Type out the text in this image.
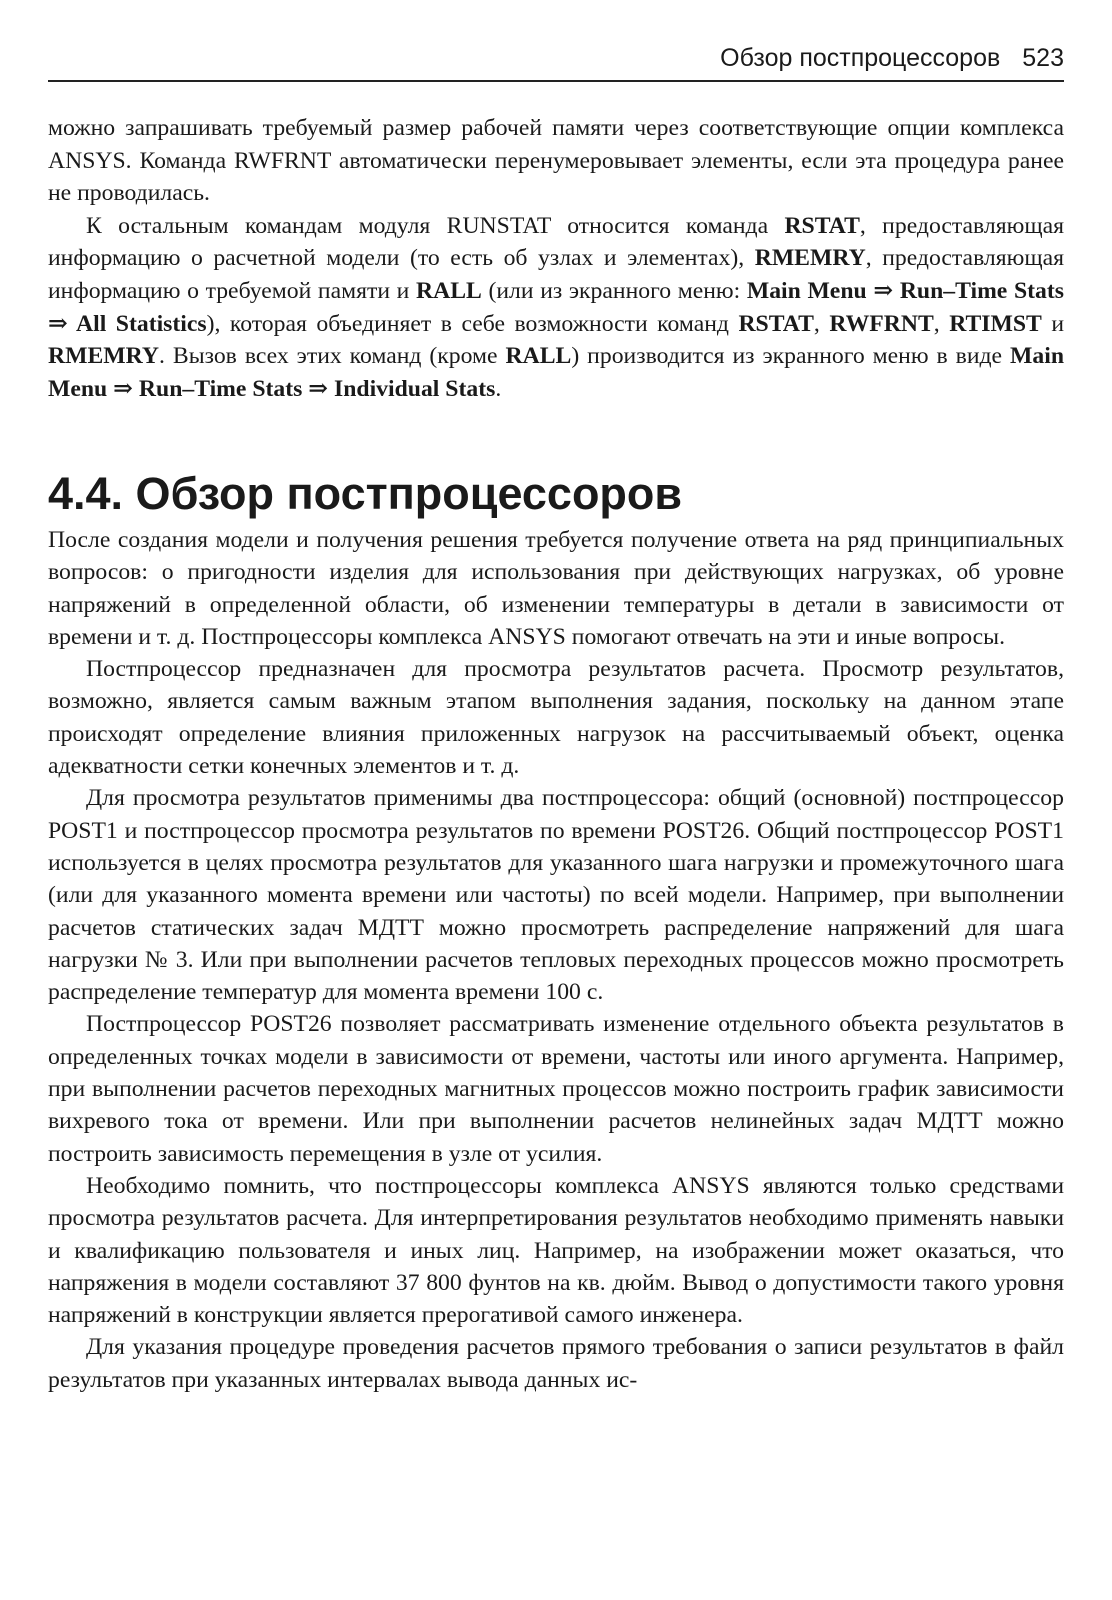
Обзор постпроцессоров 523

можно запрашивать требуемый размер рабочей памяти через соответствующие опции комплекса ANSYS. Команда RWFRNT автоматически перенумеровывает элементы, если эта процедура ранее не проводилась.

К остальным командам модуля RUNSTAT относится команда RSTAT, предоставляющая информацию о расчетной модели (то есть об узлах и элементах), RMEMRY, предоставляющая информацию о требуемой памяти и RALL (или из экранного меню: Main Menu ⇒ Run–Time Stats ⇒ All Statistics), которая объединяет в себе возможности команд RSTAT, RWFRNT, RTIMST и RMEMRY. Вызов всех этих команд (кроме RALL) производится из экранного меню в виде Main Menu ⇒ Run–Time Stats ⇒ Individual Stats.

4.4. Обзор постпроцессоров

После создания модели и получения решения требуется получение ответа на ряд принципиальных вопросов: о пригодности изделия для использования при действующих нагрузках, об уровне напряжений в определенной области, об изменении температуры в детали в зависимости от времени и т. д. Постпроцессоры комплекса ANSYS помогают отвечать на эти и иные вопросы.

Постпроцессор предназначен для просмотра результатов расчета. Просмотр результатов, возможно, является самым важным этапом выполнения задания, поскольку на данном этапе происходят определение влияния приложенных нагрузок на рассчитываемый объект, оценка адекватности сетки конечных элементов и т. д.

Для просмотра результатов применимы два постпроцессора: общий (основной) постпроцессор POST1 и постпроцессор просмотра результатов по времени POST26. Общий постпроцессор POST1 используется в целях просмотра результатов для указанного шага нагрузки и промежуточного шага (или для указанного момента времени или частоты) по всей модели. Например, при выполнении расчетов статических задач МДТТ можно просмотреть распределение напряжений для шага нагрузки № 3. Или при выполнении расчетов тепловых переходных процессов можно просмотреть распределение температур для момента времени 100 с.

Постпроцессор POST26 позволяет рассматривать изменение отдельного объекта результатов в определенных точках модели в зависимости от времени, частоты или иного аргумента. Например, при выполнении расчетов переходных магнитных процессов можно построить график зависимости вихревого тока от времени. Или при выполнении расчетов нелинейных задач МДТТ можно построить зависимость перемещения в узле от усилия.

Необходимо помнить, что постпроцессоры комплекса ANSYS являются только средствами просмотра результатов расчета. Для интерпретирования результатов необходимо применять навыки и квалификацию пользователя и иных лиц. Например, на изображении может оказаться, что напряжения в модели составляют 37 800 фунтов на кв. дюйм. Вывод о допустимости такого уровня напряжений в конструкции является прерогативой самого инженера.

Для указания процедуре проведения расчетов прямого требования о записи результатов в файл результатов при указанных интервалах вывода данных ис-
